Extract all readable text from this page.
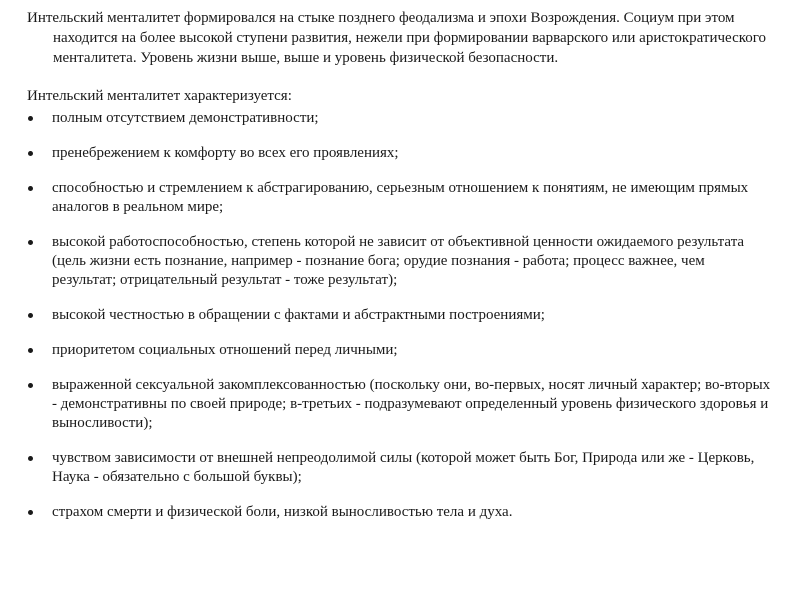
Интельский менталитет формировался на стыке позднего феодализма и эпохи Возрождения. Социум при этом находится на более высокой ступени развития, нежели при формировании варварского или аристократического менталитета. Уровень жизни выше, выше и уровень физической безопасности.

Интельский менталитет характеризуется:

полным отсутствием демонстративности;
пренебрежением к комфорту во всех его проявлениях;
способностью и стремлением к абстрагированию, серьезным отношением к понятиям, не имеющим прямых аналогов в реальном мире;
высокой работоспособностью, степень которой не зависит от объективной ценности ожидаемого результата (цель жизни есть познание, например - познание бога; орудие познания - работа; процесс важнее, чем результат; отрицательный результат - тоже результат);
высокой честностью в обращении с фактами и абстрактными построениями;
приоритетом социальных отношений перед личными;
выраженной сексуальной закомплексованностью (поскольку они, во-первых, носят личный характер; во-вторых - демонстративны по своей природе; в-третьих - подразумевают определенный уровень физического здоровья и выносливости);
чувством зависимости от внешней непреодолимой силы (которой может быть Бог, Природа или же - Церковь, Наука - обязательно с большой буквы);
страхом смерти и физической боли, низкой выносливостью тела и духа.
